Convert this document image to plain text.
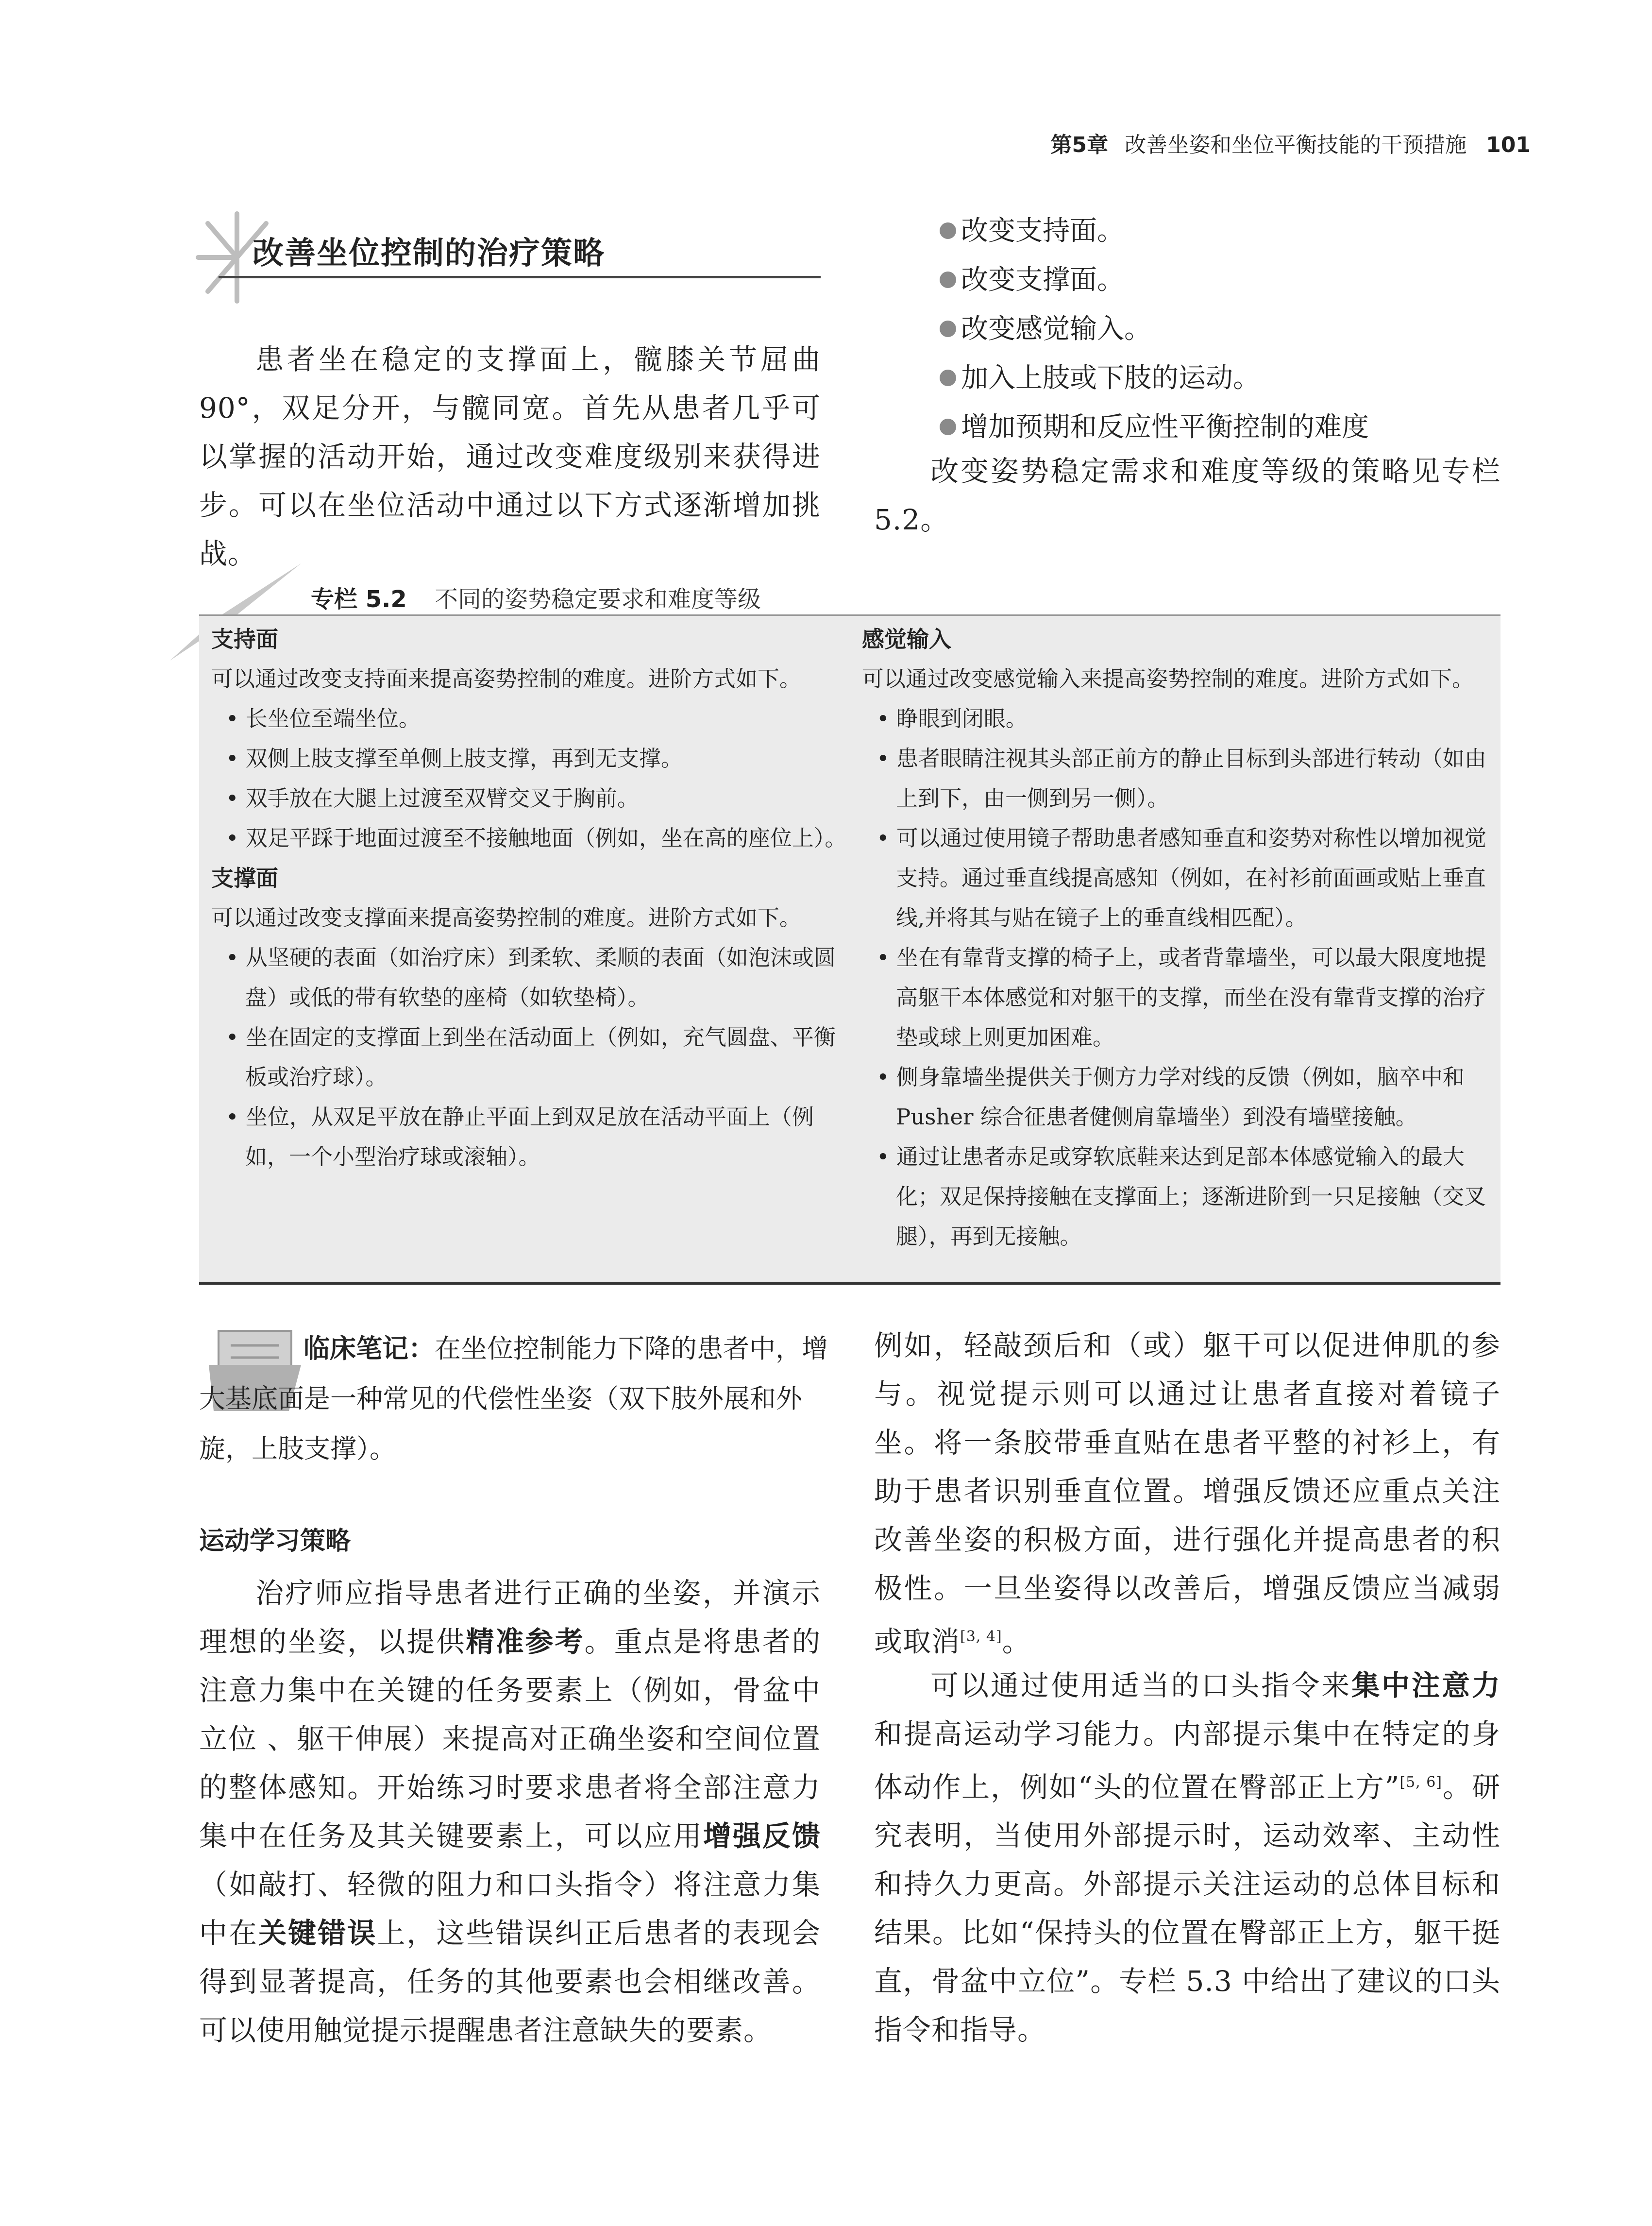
第5章 改善坐姿和坐位平衡技能的干预措施 101
改善坐位控制的治疗策略
患者坐在稳定的支撑面上，髋膝关节屈曲90°，双足分开，与髋同宽。首先从患者几乎可以掌握的活动开始，通过改变难度级别来获得进步。可以在坐位活动中通过以下方式逐渐增加挑战。
改变支持面。
改变支撑面。
改变感觉输入。
加入上肢或下肢的运动。
增加预期和反应性平衡控制的难度
改变姿势稳定需求和难度等级的策略见专栏 5.2。
专栏 5.2 不同的姿势稳定要求和难度等级
支持面
可以通过改变支持面来提高姿势控制的难度。进阶方式如下。
• 长坐位至端坐位。
• 双侧上肢支撑至单侧上肢支撑，再到无支撑。
• 双手放在大腿上过渡至双臂交叉于胸前。
• 双足平踩于地面过渡至不接触地面（例如，坐在高的座位上）。
支撑面
可以通过改变支撑面来提高姿势控制的难度。进阶方式如下。
• 从坚硬的表面（如治疗床）到柔软、柔顺的表面（如泡沫或圆盘）或低的带有软垫的座椅（如软垫椅）。
• 坐在固定的支撑面上到坐在活动面上（例如，充气圆盘、平衡板或治疗球）。
• 坐位，从双足平放在静止平面上到双足放在活动平面上（例如，一个小型治疗球或滚轴）。
感觉输入
可以通过改变感觉输入来提高姿势控制的难度。进阶方式如下。
• 睁眼到闭眼。
• 患者眼睛注视其头部正前方的静止目标到头部进行转动（如由上到下，由一侧到另一侧）。
• 可以通过使用镜子帮助患者感知垂直和姿势对称性以增加视觉支持。通过垂直线提高感知（例如，在衬衫前面画或贴上垂直线,并将其与贴在镜子上的垂直线相匹配）。
• 坐在有靠背支撑的椅子上，或者背靠墙坐，可以最大限度地提高躯干本体感觉和对躯干的支撑，而坐在没有靠背支撑的治疗垫或球上则更加困难。
• 侧身靠墙坐提供关于侧方力学对线的反馈（例如，脑卒中和 Pusher 综合征患者健侧肩靠墙坐）到没有墙壁接触。
• 通过让患者赤足或穿软底鞋来达到足部本体感觉输入的最大化；双足保持接触在支撑面上；逐渐进阶到一只足接触（交叉腿），再到无接触。
临床笔记：在坐位控制能力下降的患者中，增大基底面是一种常见的代偿性坐姿（双下肢外展和外旋，上肢支撑）。
运动学习策略
治疗师应指导患者进行正确的坐姿，并演示理想的坐姿，以提供精准参考。重点是将患者的注意力集中在关键的任务要素上（例如，骨盆中立位 、躯干伸展）来提高对正确坐姿和空间位置的整体感知。开始练习时要求患者将全部注意力集中在任务及其关键要素上，可以应用增强反馈（如敲打、轻微的阻力和口头指令）将注意力集中在关键错误上，这些错误纠正后患者的表现会得到显著提高，任务的其他要素也会相继改善。可以使用触觉提示提醒患者注意缺失的要素。
例如，轻敲颈后和（或）躯干可以促进伸肌的参与。视觉提示则可以通过让患者直接对着镜子坐。将一条胶带垂直贴在患者平整的衬衫上，有助于患者识别垂直位置。增强反馈还应重点关注改善坐姿的积极方面，进行强化并提高患者的积极性。一旦坐姿得以改善后，增强反馈应当减弱或取消[3, 4]。
可以通过使用适当的口头指令来集中注意力和提高运动学习能力。内部提示集中在特定的身体动作上，例如“头的位置在臀部正上方”[5, 6]。研究表明，当使用外部提示时，运动效率、主动性和持久力更高。外部提示关注运动的总体目标和结果。比如“保持头的位置在臀部正上方，躯干挺直，骨盆中立位”。专栏 5.3 中给出了建议的口头指令和指导。
